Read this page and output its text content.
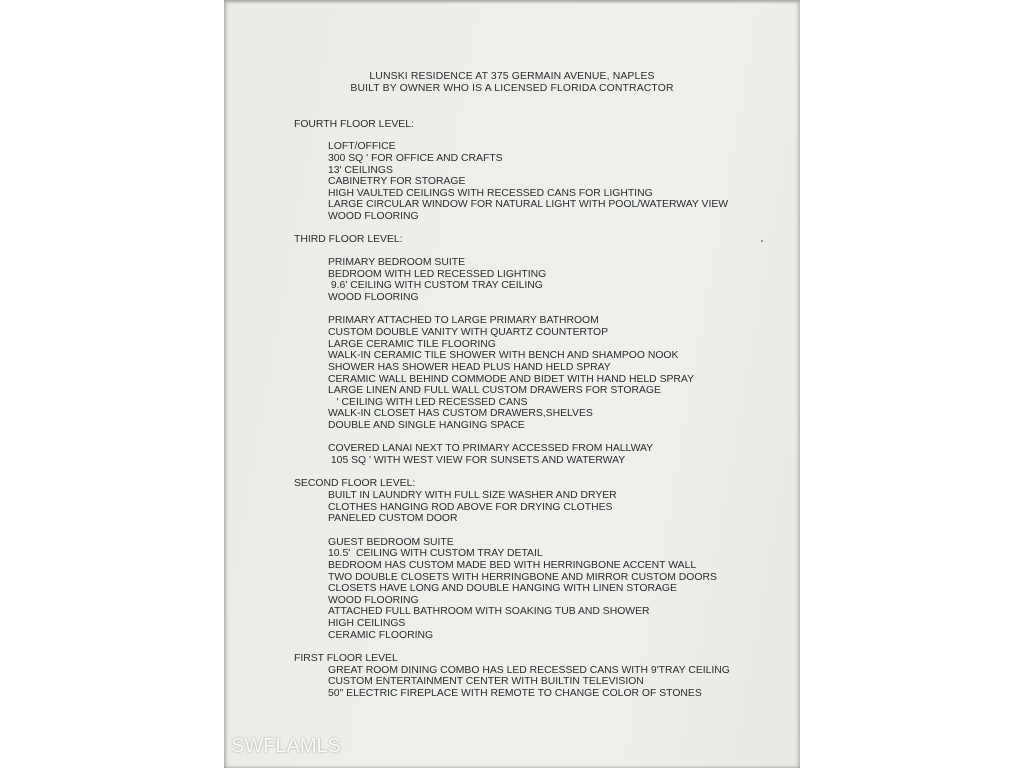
LUNSKI RESIDENCE AT 375 GERMAIN AVENUE, NAPLES
BUILT BY OWNER WHO IS A LICENSED FLORIDA CONTRACTOR
FOURTH FLOOR LEVEL:
LOFT/OFFICE
300 SQ ' FOR OFFICE AND CRAFTS
13' CEILINGS
CABINETRY FOR STORAGE
HIGH VAULTED CEILINGS WITH RECESSED CANS FOR LIGHTING
LARGE CIRCULAR WINDOW FOR NATURAL LIGHT WITH POOL/WATERWAY VIEW
WOOD FLOORING
THIRD FLOOR LEVEL:
PRIMARY BEDROOM SUITE
BEDROOM WITH LED RECESSED LIGHTING
9.6' CEILING WITH CUSTOM TRAY CEILING
WOOD FLOORING
PRIMARY ATTACHED TO LARGE PRIMARY BATHROOM
CUSTOM DOUBLE VANITY WITH QUARTZ COUNTERTOP
LARGE CERAMIC TILE FLOORING
WALK-IN CERAMIC TILE SHOWER WITH BENCH AND SHAMPOO NOOK
SHOWER HAS SHOWER HEAD PLUS HAND HELD SPRAY
CERAMIC WALL BEHIND COMMODE AND BIDET WITH HAND HELD SPRAY
LARGE LINEN AND FULL WALL CUSTOM DRAWERS FOR STORAGE
' CEILING WITH LED RECESSED CANS
WALK-IN CLOSET HAS CUSTOM DRAWERS,SHELVES
DOUBLE AND SINGLE HANGING SPACE
COVERED LANAI NEXT TO PRIMARY ACCESSED FROM HALLWAY
105 SQ ' WITH WEST VIEW FOR SUNSETS AND WATERWAY
SECOND FLOOR LEVEL:
BUILT IN LAUNDRY WITH FULL SIZE WASHER AND DRYER
CLOTHES HANGING ROD ABOVE FOR DRYING CLOTHES
PANELED CUSTOM DOOR
GUEST BEDROOM SUITE
10.5'  CEILING WITH CUSTOM TRAY DETAIL
BEDROOM HAS CUSTOM MADE BED WITH HERRINGBONE ACCENT WALL
TWO DOUBLE CLOSETS WITH HERRINGBONE AND MIRROR CUSTOM DOORS
CLOSETS HAVE LONG AND DOUBLE HANGING WITH LINEN STORAGE
WOOD FLOORING
ATTACHED FULL BATHROOM WITH SOAKING TUB AND SHOWER
HIGH CEILINGS
CERAMIC FLOORING
FIRST FLOOR LEVEL
GREAT ROOM DINING COMBO HAS LED RECESSED CANS WITH 9'TRAY CEILING
CUSTOM ENTERTAINMENT CENTER WITH BUILTIN TELEVISION
50" ELECTRIC FIREPLACE WITH REMOTE TO CHANGE COLOR OF STONES
SWFLAMLS
